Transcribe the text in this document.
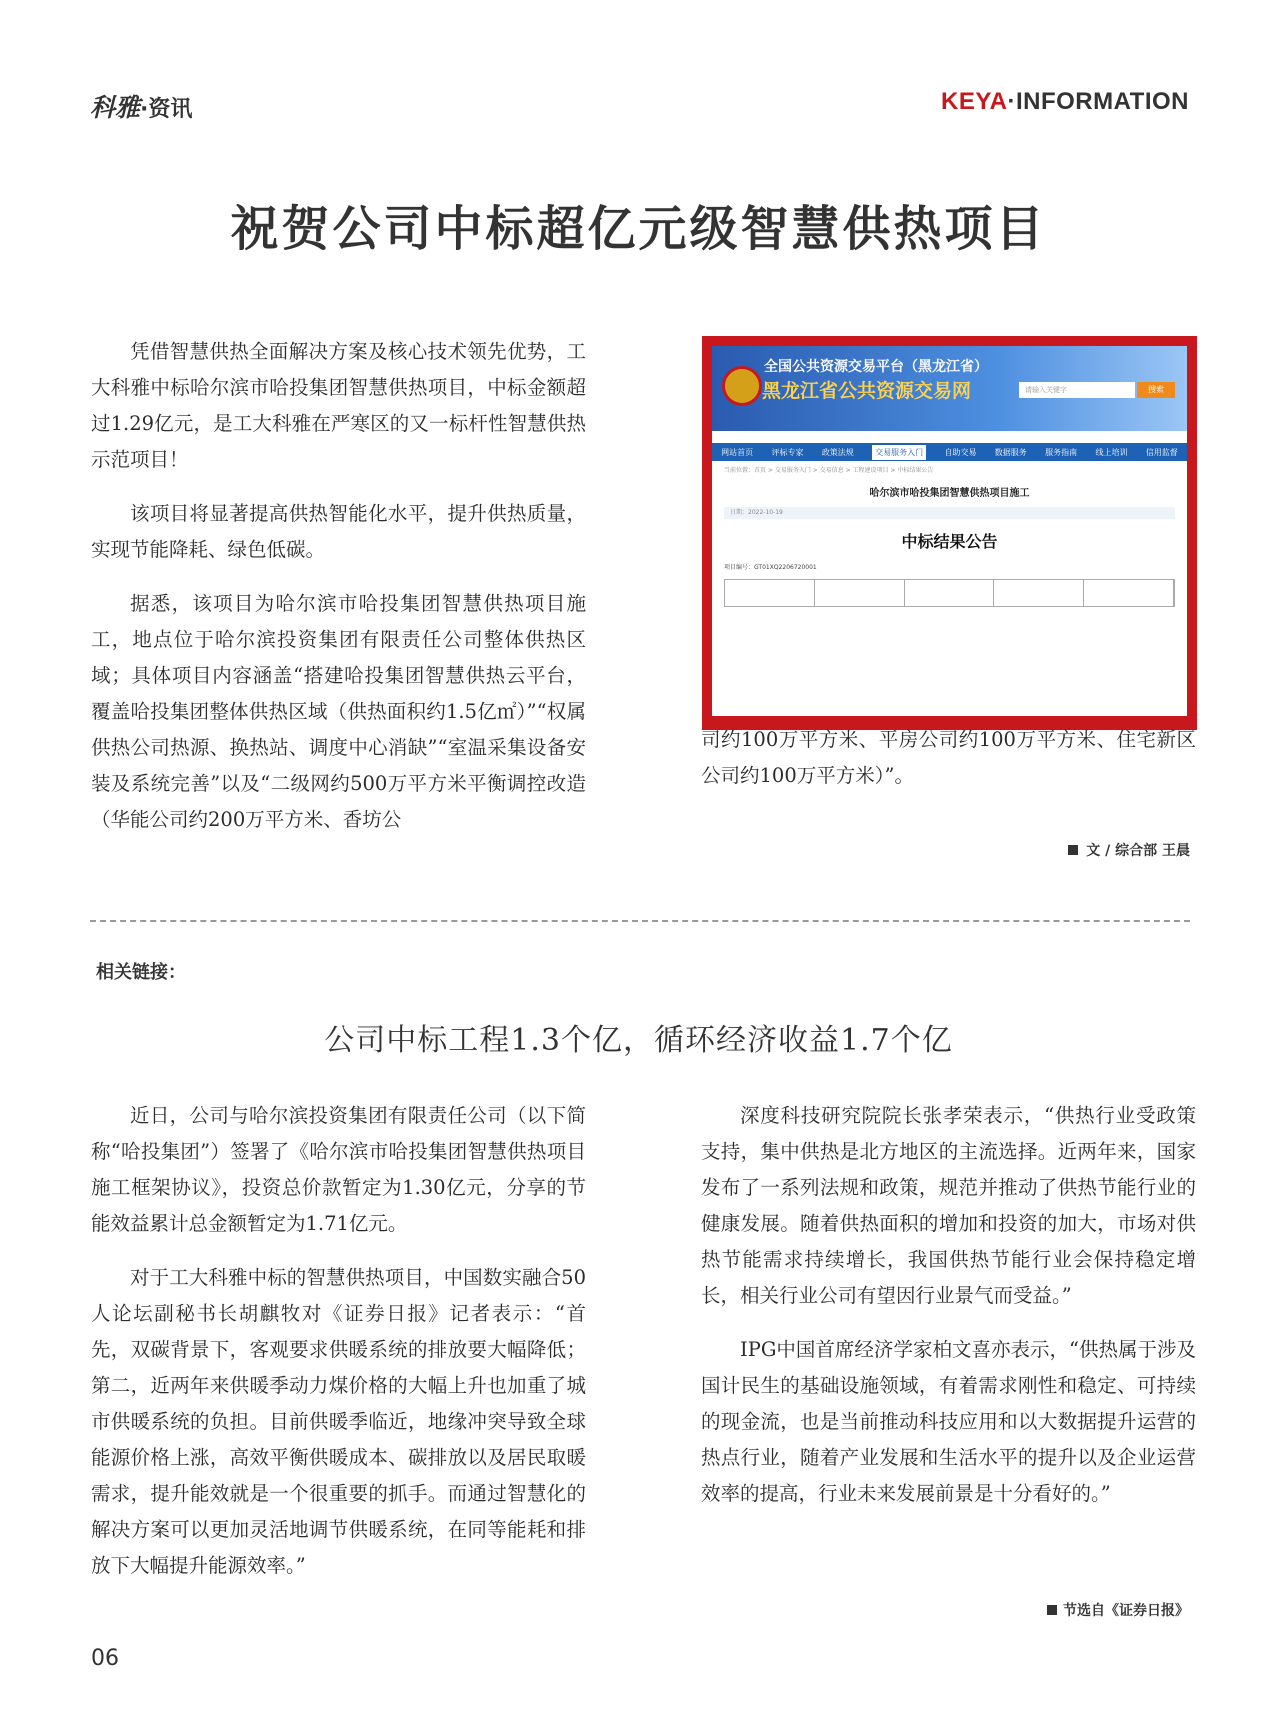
科雅·资讯	KEYA·INFORMATION
祝贺公司中标超亿元级智慧供热项目

凭借智慧供热全面解决方案及核心技术领先优势，工大科雅中标哈尔滨市哈投集团智慧供热项目，中标金额超过1.29亿元，是工大科雅在严寒区的又一标杆性智慧供热示范项目！

该项目将显著提高供热智能化水平，提升供热质量，实现节能降耗、绿色低碳。

据悉，该项目为哈尔滨市哈投集团智慧供热项目施工，地点位于哈尔滨投资集团有限责任公司整体供热区域；具体项目内容涵盖“搭建哈投集团智慧供热云平台，覆盖哈投集团整体供热区域（供热面积约1.5亿㎡）”“权属供热公司热源、换热站、调度中心消缺”“室温采集设备安装及系统完善”以及“二级网约500万平方米平衡调控改造（华能公司约200万平方米、香坊公

全国公共资源交易平台（黑龙江省）
黑龙江省公共资源交易网	请输入关键字	搜索
网站首页 评标专家 政策法规	交易服务入门	自助交易 数据服务 服务指南 线上培训 信用监督
当前位置：首页 > 交易服务入门 > 交易信息 > 工程建设项目 > 中标结果公告
哈尔滨市哈投集团智慧供热项目施工
日期：2022-10-19
中标结果公告
项目编号：GT01XQ2206720001

司约100万平方米、平房公司约100万平方米、住宅新区公司约100万平方米）”。

文 / 综合部 王晨
相关链接：
公司中标工程1.3个亿，循环经济收益1.7个亿

近日，公司与哈尔滨投资集团有限责任公司（以下简称“哈投集团”）签署了《哈尔滨市哈投集团智慧供热项目施工框架协议》，投资总价款暂定为1.30亿元，分享的节能效益累计总金额暂定为1.71亿元。

对于工大科雅中标的智慧供热项目，中国数实融合50人论坛副秘书长胡麒牧对《证券日报》记者表示：“首先，双碳背景下，客观要求供暖系统的排放要大幅降低；第二，近两年来供暖季动力煤价格的大幅上升也加重了城市供暖系统的负担。目前供暖季临近，地缘冲突导致全球能源价格上涨，高效平衡供暖成本、碳排放以及居民取暖需求，提升能效就是一个很重要的抓手。而通过智慧化的解决方案可以更加灵活地调节供暖系统，在同等能耗和排放下大幅提升能源效率。”

深度科技研究院院长张孝荣表示，“供热行业受政策支持，集中供热是北方地区的主流选择。近两年来，国家发布了一系列法规和政策，规范并推动了供热节能行业的健康发展。随着供热面积的增加和投资的加大，市场对供热节能需求持续增长，我国供热节能行业会保持稳定增长，相关行业公司有望因行业景气而受益。”

IPG中国首席经济学家柏文喜亦表示，“供热属于涉及国计民生的基础设施领域，有着需求刚性和稳定、可持续的现金流，也是当前推动科技应用和以大数据提升运营的热点行业，随着产业发展和生活水平的提升以及企业运营效率的提高，行业未来发展前景是十分看好的。”

节选自《证券日报》
06
